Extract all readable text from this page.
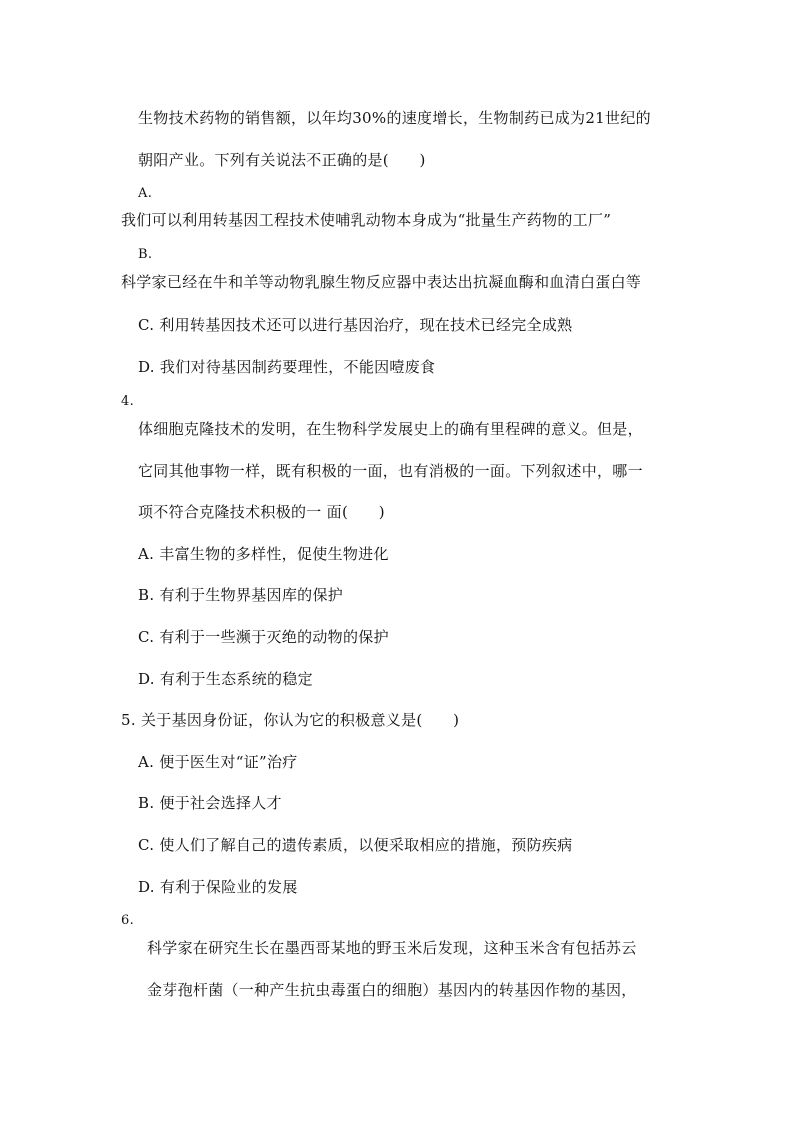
生物技术药物的销售额，以年均30%的速度增长，生物制药已成为21世纪的
朝阳产业。下列有关说法不正确的是(　　)
A.
我们可以利用转基因工程技术使哺乳动物本身成为“批量生产药物的工厂”
B.
科学家已经在牛和羊等动物乳腺生物反应器中表达出抗凝血酶和血清白蛋白等
C. 利用转基因技术还可以进行基因治疗，现在技术已经完全成熟
D. 我们对待基因制药要理性，不能因噎废食
4.
体细胞克隆技术的发明，在生物科学发展史上的确有里程碑的意义。但是，
它同其他事物一样，既有积极的一面，也有消极的一面。下列叙述中，哪一
项不符合克隆技术积极的一 面(　　)
A. 丰富生物的多样性，促使生物进化
B. 有利于生物界基因库的保护
C. 有利于一些濒于灭绝的动物的保护
D. 有利于生态系统的稳定
5. 关于基因身份证，你认为它的积极意义是(　　)
A. 便于医生对“证”治疗
B. 便于社会选择人才
C. 使人们了解自己的遗传素质，以便采取相应的措施，预防疾病
D. 有利于保险业的发展
6.
科学家在研究生长在墨西哥某地的野玉米后发现，这种玉米含有包括苏云
金芽孢杆菌（一种产生抗虫毒蛋白的细胞）基因内的转基因作物的基因，
